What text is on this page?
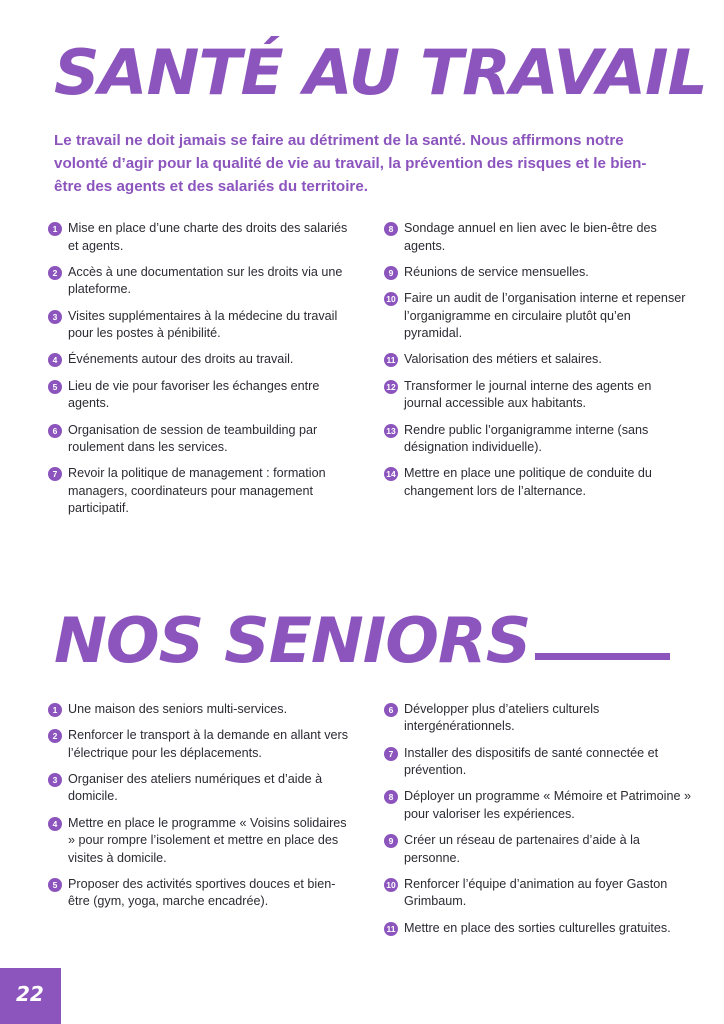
SANTÉ AU TRAVAIL
Le travail ne doit jamais se faire au détriment de la santé. Nous affirmons notre volonté d’agir pour la qualité de vie au travail, la prévention des risques et le bien-être des agents et des salariés du territoire.
1 Mise en place d’une charte des droits des salariés et agents.
2 Accès à une documentation sur les droits via une plateforme.
3 Visites supplémentaires à la médecine du travail pour les postes à pénibilité.
4 Événements autour des droits au travail.
5 Lieu de vie pour favoriser les échanges entre agents.
6 Organisation de session de teambuilding par roulement dans les services.
7 Revoir la politique de management : formation managers, coordinateurs pour management participatif.
8 Sondage annuel en lien avec le bien-être des agents.
9 Réunions de service mensuelles.
10 Faire un audit de l’organisation interne et repenser l’organigramme en circulaire plutôt qu’en pyramidal.
11 Valorisation des métiers et salaires.
12 Transformer le journal interne des agents en journal accessible aux habitants.
13 Rendre public l’organigramme interne (sans désignation individuelle).
14 Mettre en place une politique de conduite du changement lors de l’alternance.
NOS SENIORS
1 Une maison des seniors multi-services.
2 Renforcer le transport à la demande en allant vers l’électrique pour les déplacements.
3 Organiser des ateliers numériques et d’aide à domicile.
4 Mettre en place le programme « Voisins solidaires » pour rompre l’isolement et mettre en place des visites à domicile.
5 Proposer des activités sportives douces et bien-être (gym, yoga, marche encadrée).
6 Développer plus d’ateliers culturels intergénérationnels.
7 Installer des dispositifs de santé connectée et prévention.
8 Déployer un programme « Mémoire et Patrimoine » pour valoriser les expériences.
9 Créer un réseau de partenaires d’aide à la personne.
10 Renforcer l’équipe d’animation au foyer Gaston Grimbaum.
11 Mettre en place des sorties culturelles gratuites.
22
